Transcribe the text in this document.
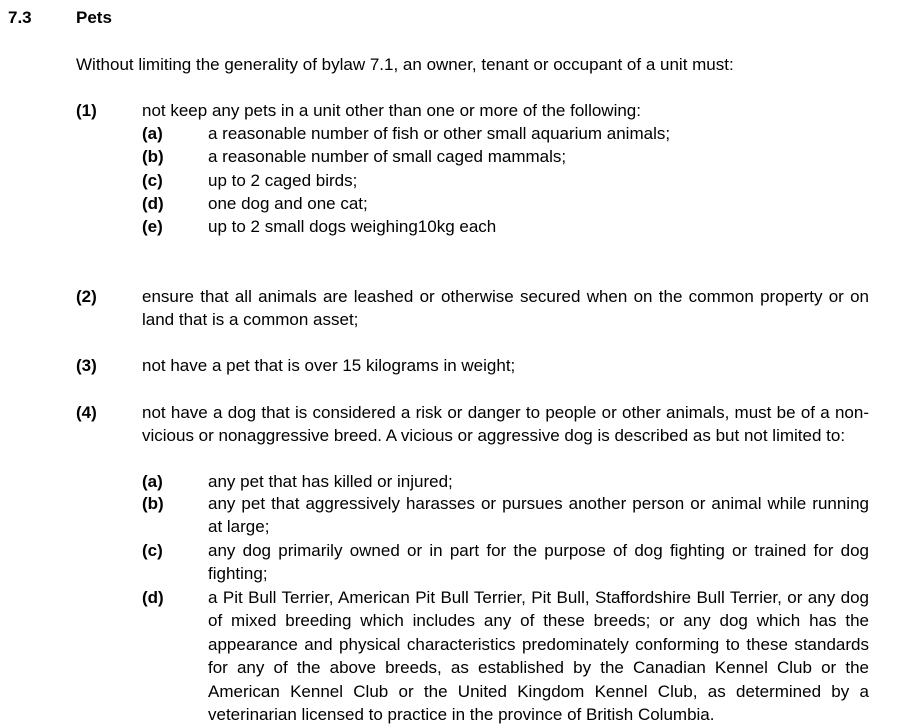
7.3	Pets
Without limiting the generality of bylaw 7.1, an owner, tenant or occupant of a unit must:
(1)	not keep any pets in a unit other than one or more of the following:
(a)	a reasonable number of fish or other small aquarium animals;
(b)	a reasonable number of small caged mammals;
(c)	up to 2 caged birds;
(d)	one dog and one cat;
(e)	up to 2 small dogs weighing10kg each
(2)	ensure that all animals are leashed or otherwise secured when on the common property or on land that is a common asset;
(3)	not have a pet that is over 15 kilograms in weight;
(4)	not have a dog that is considered a risk or danger to people or other animals, must be of a non-vicious or nonaggressive breed. A vicious or aggressive dog is described as but not limited to:
(a)	any pet that has killed or injured;
(b)	any pet that aggressively harasses or pursues another person or animal while running at large;
(c)	any dog primarily owned or in part for the purpose of dog fighting or trained for dog fighting;
(d)	a Pit Bull Terrier, American Pit Bull Terrier, Pit Bull, Staffordshire Bull Terrier, or any dog of mixed breeding which includes any of these breeds; or any dog which has the appearance and physical characteristics predominately conforming to these standards for any of the above breeds, as established by the Canadian Kennel Club or the American Kennel Club or the United Kingdom Kennel Club, as determined by a veterinarian licensed to practice in the province of British Columbia.
